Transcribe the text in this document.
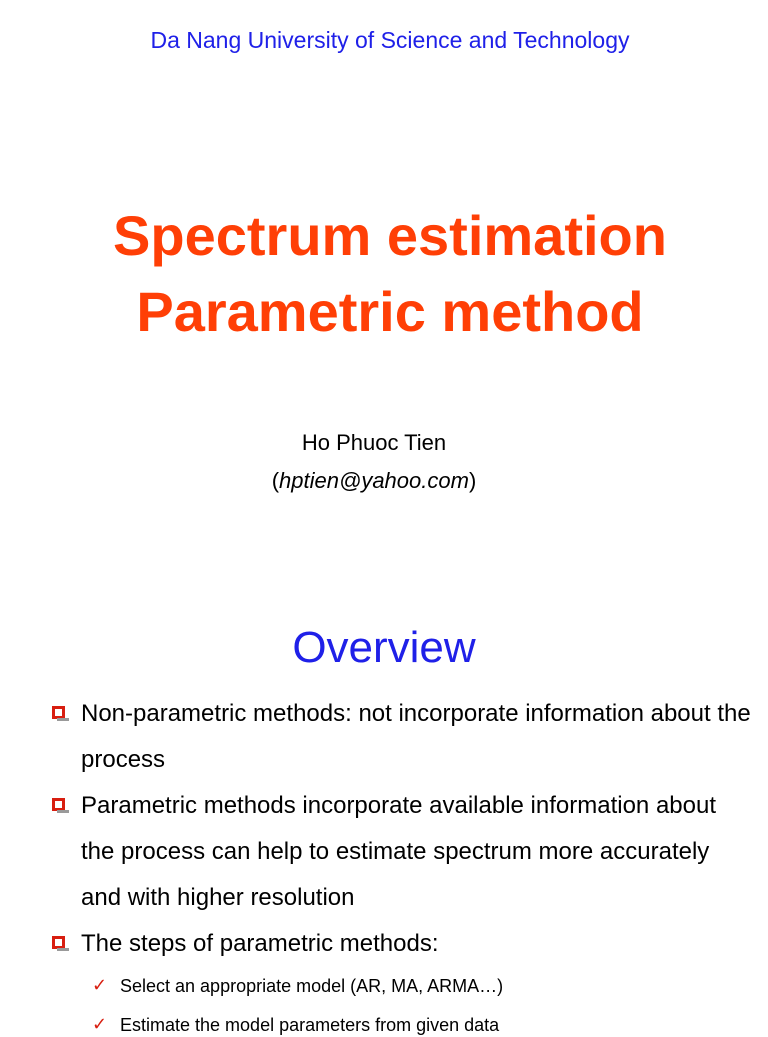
Da Nang University of Science and Technology
Spectrum estimation
Parametric method
Ho Phuoc Tien
(hptien@yahoo.com)
Overview
Non-parametric methods: not incorporate information about the process
Parametric methods incorporate available information about the process can help to estimate spectrum more accurately and with higher resolution
The steps of parametric methods:
✓ Select an appropriate model (AR, MA, ARMA…)
✓ Estimate the model parameters from given data
